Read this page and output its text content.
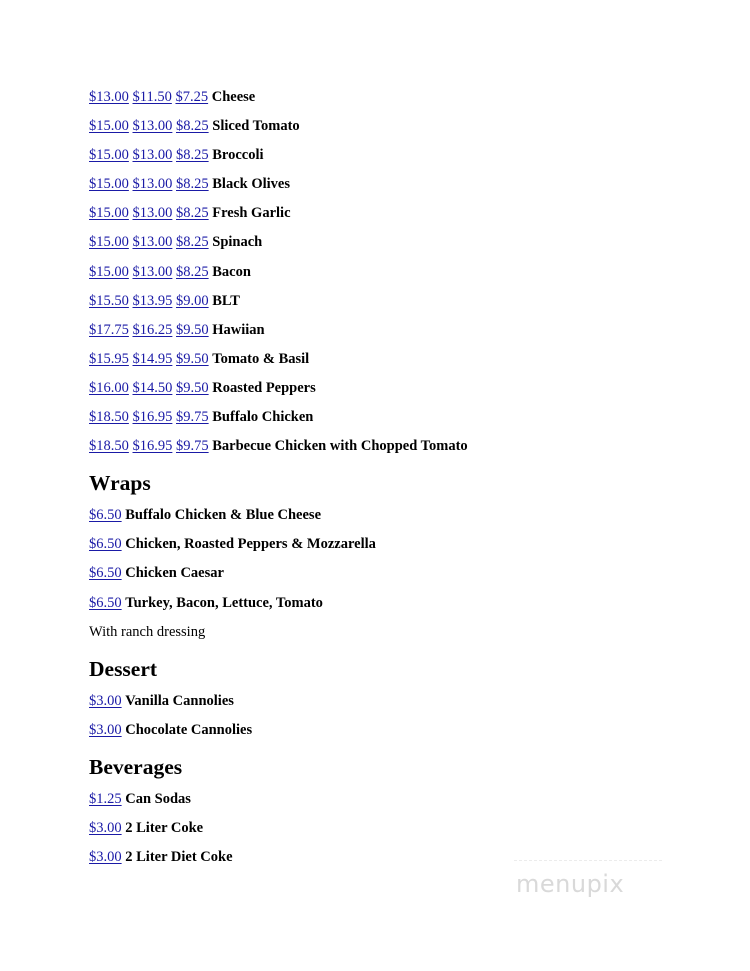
$13.00 $11.50 $7.25 Cheese
$15.00 $13.00 $8.25 Sliced Tomato
$15.00 $13.00 $8.25 Broccoli
$15.00 $13.00 $8.25 Black Olives
$15.00 $13.00 $8.25 Fresh Garlic
$15.00 $13.00 $8.25 Spinach
$15.00 $13.00 $8.25 Bacon
$15.50 $13.95 $9.00 BLT
$17.75 $16.25 $9.50 Hawiian
$15.95 $14.95 $9.50 Tomato & Basil
$16.00 $14.50 $9.50 Roasted Peppers
$18.50 $16.95 $9.75 Buffalo Chicken
$18.50 $16.95 $9.75 Barbecue Chicken with Chopped Tomato
Wraps
$6.50 Buffalo Chicken & Blue Cheese
$6.50 Chicken, Roasted Peppers & Mozzarella
$6.50 Chicken Caesar
$6.50 Turkey, Bacon, Lettuce, Tomato
With ranch dressing
Dessert
$3.00 Vanilla Cannolies
$3.00 Chocolate Cannolies
Beverages
$1.25 Can Sodas
$3.00 2 Liter Coke
$3.00 2 Liter Diet Coke
menupix
